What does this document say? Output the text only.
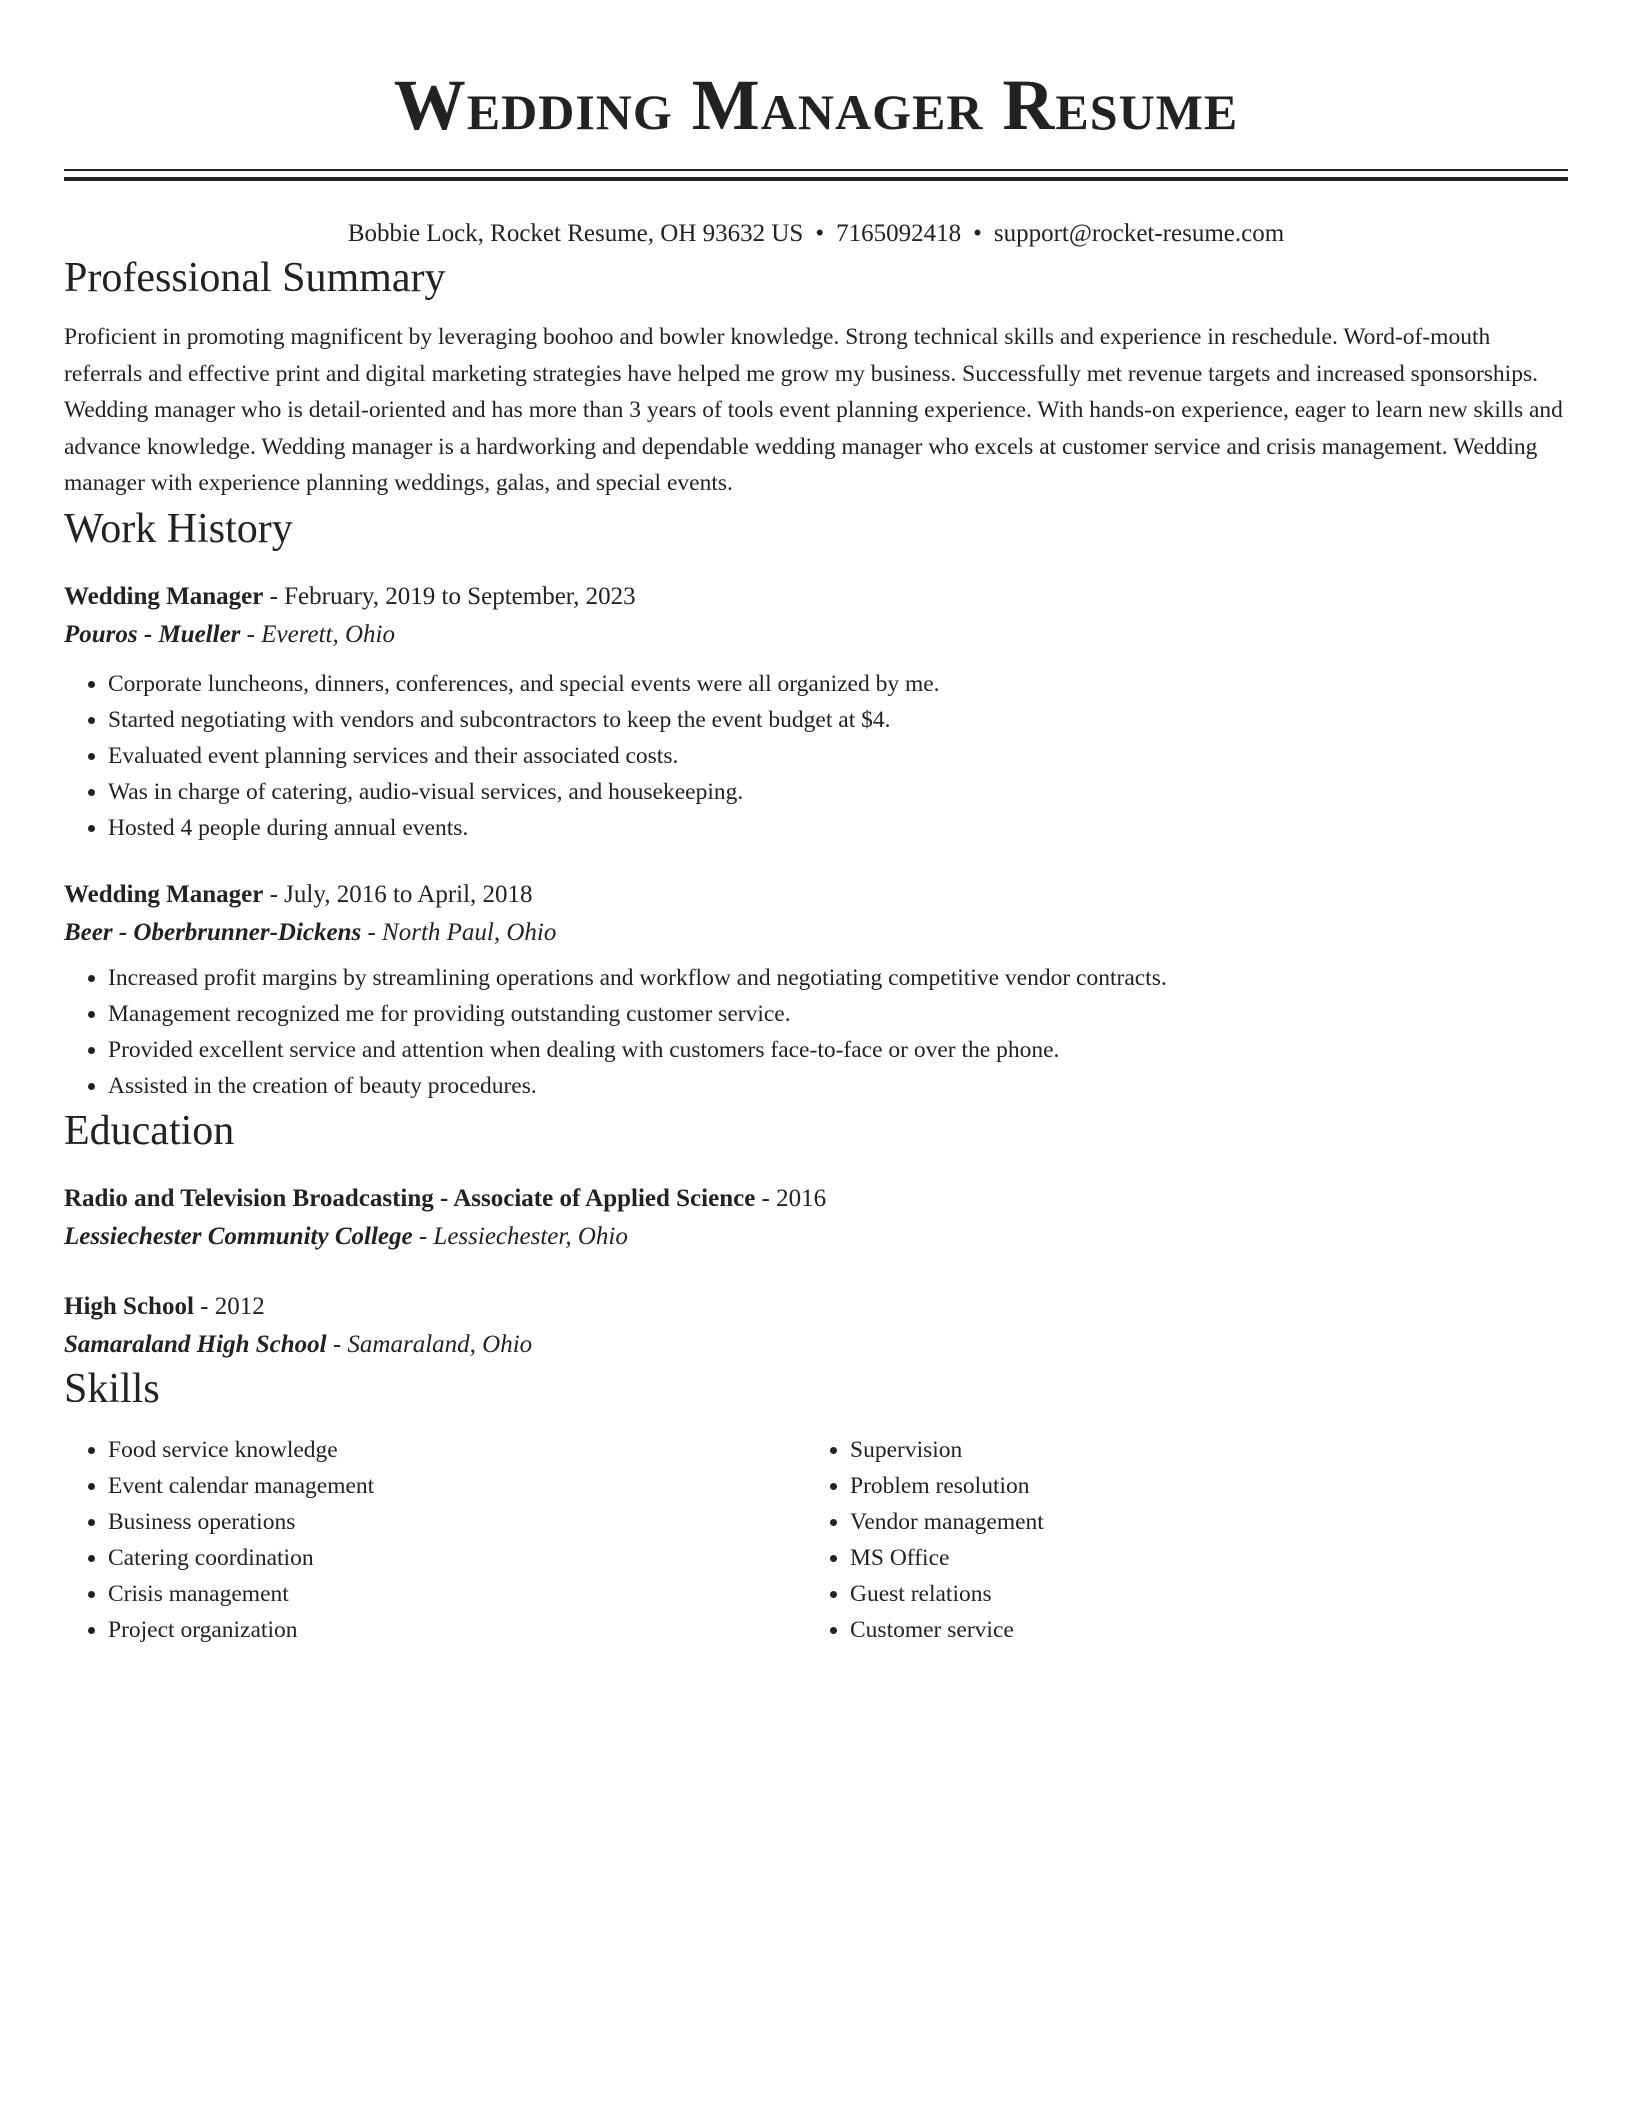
Wedding Manager Resume
Bobbie Lock, Rocket Resume, OH 93632 US • 7165092418 • support@rocket-resume.com
Professional Summary

Proficient in promoting magnificent by leveraging boohoo and bowler knowledge. Strong technical skills and experience in reschedule. Word-of-mouth referrals and effective print and digital marketing strategies have helped me grow my business. Successfully met revenue targets and increased sponsorships. Wedding manager who is detail-oriented and has more than 3 years of tools event planning experience. With hands-on experience, eager to learn new skills and advance knowledge. Wedding manager is a hardworking and dependable wedding manager who excels at customer service and crisis management. Wedding manager with experience planning weddings, galas, and special events.

Work History
Wedding Manager - February, 2019 to September, 2023
Pouros - Mueller - Everett, Ohio
• Corporate luncheons, dinners, conferences, and special events were all organized by me.
• Started negotiating with vendors and subcontractors to keep the event budget at $4.
• Evaluated event planning services and their associated costs.
• Was in charge of catering, audio-visual services, and housekeeping.
• Hosted 4 people during annual events.
Wedding Manager - July, 2016 to April, 2018
Beer - Oberbrunner-Dickens - North Paul, Ohio
• Increased profit margins by streamlining operations and workflow and negotiating competitive vendor contracts.
• Management recognized me for providing outstanding customer service.
• Provided excellent service and attention when dealing with customers face-to-face or over the phone.
• Assisted in the creation of beauty procedures.
Education
Radio and Television Broadcasting - Associate of Applied Science - 2016
Lessiechester Community College - Lessiechester, Ohio
High School - 2012
Samaraland High School - Samaraland, Ohio
Skills
• Food service knowledge
• Event calendar management
• Business operations
• Catering coordination
• Crisis management
• Project organization
• Supervision
• Problem resolution
• Vendor management
• MS Office
• Guest relations
• Customer service
